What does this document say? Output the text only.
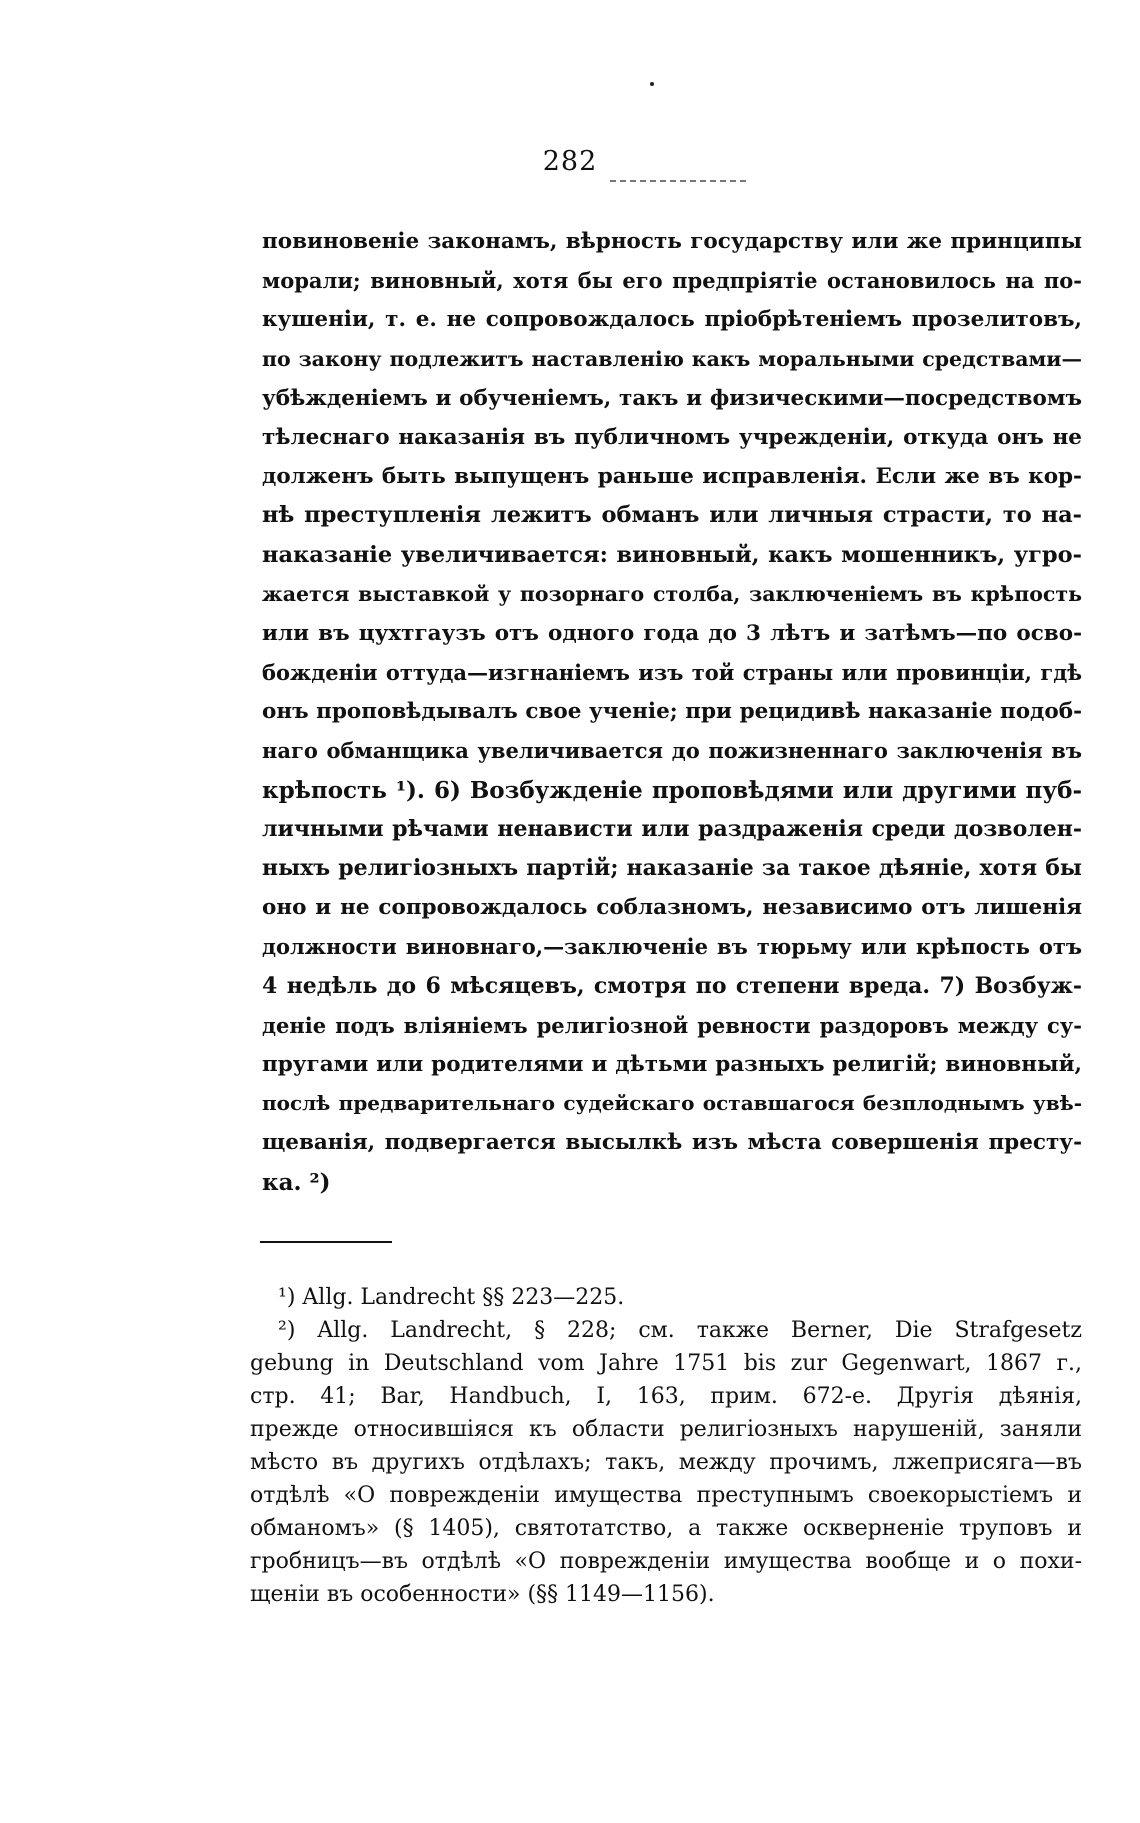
282
повиновеніе законамъ, вѣрность государству или же принципы
морали; виновный, хотя бы его предпріятіе остановилось на по-
кушеніи, т. е. не сопровождалось пріобрѣтеніемъ прозелитовъ,
по закону подлежитъ наставленію какъ моральными средствами—
убѣжденіемъ и обученіемъ, такъ и физическими—посредствомъ
тѣлеснаго наказанія въ публичномъ учрежденіи, откуда онъ не
долженъ быть выпущенъ раньше исправленія. Если же въ кор-
нѣ преступленія лежитъ обманъ или личныя страсти, то на-
наказаніе увеличивается: виновный, какъ мошенникъ, угро-
жается выставкой у позорнаго столба, заключеніемъ въ крѣпость
или въ цухтгаузъ отъ одного года до 3 лѣтъ и затѣмъ—по осво-
божденіи оттуда—изгнаніемъ изъ той страны или провинціи, гдѣ
онъ проповѣдывалъ свое ученіе; при рецидивѣ наказаніе подоб-
наго обманщика увеличивается до пожизненнаго заключенія въ
крѣпость ¹). 6) Возбужденіе проповѣдями или другими пуб-
личными рѣчами ненависти или раздраженія среди дозволен-
ныхъ религіозныхъ партій; наказаніе за такое дѣяніе, хотя бы
оно и не сопровождалось соблазномъ, независимо отъ лишенія
должности виновнаго,—заключеніе въ тюрьму или крѣпость отъ
4 недѣль до 6 мѣсяцевъ, смотря по степени вреда. 7) Возбуж-
деніе подъ вліяніемъ религіозной ревности раздоровъ между су-
пругами или родителями и дѣтьми разныхъ религій; виновный,
послѣ предварительнаго судейскаго оставшагося безплоднымъ увѣ-
щеванія, подвергается высылкѣ изъ мѣста совершенія престу-
ка. ²)
¹) Allg. Landrecht §§ 223—225.
²) Allg. Landrecht, § 228; см. также Berner, Die Strafgesetz
gebung in Deutschland vom Jahre 1751 bis zur Gegenwart, 1867 г.,
стр. 41; Bar, Handbuch, I, 163, прим. 672-е. Другія дѣянія,
прежде относившіяся къ области религіозныхъ нарушеній, заняли
мѣсто въ другихъ отдѣлахъ; такъ, между прочимъ, лжеприсяга—въ
отдѣлѣ «О поврежденіи имущества преступнымъ своекорыстіемъ и
обманомъ» (§ 1405), святотатство, а также оскверненіе труповъ и
гробницъ—въ отдѣлѣ «О поврежденіи имущества вообще и о похи-
щеніи въ особенности» (§§ 1149—1156).
